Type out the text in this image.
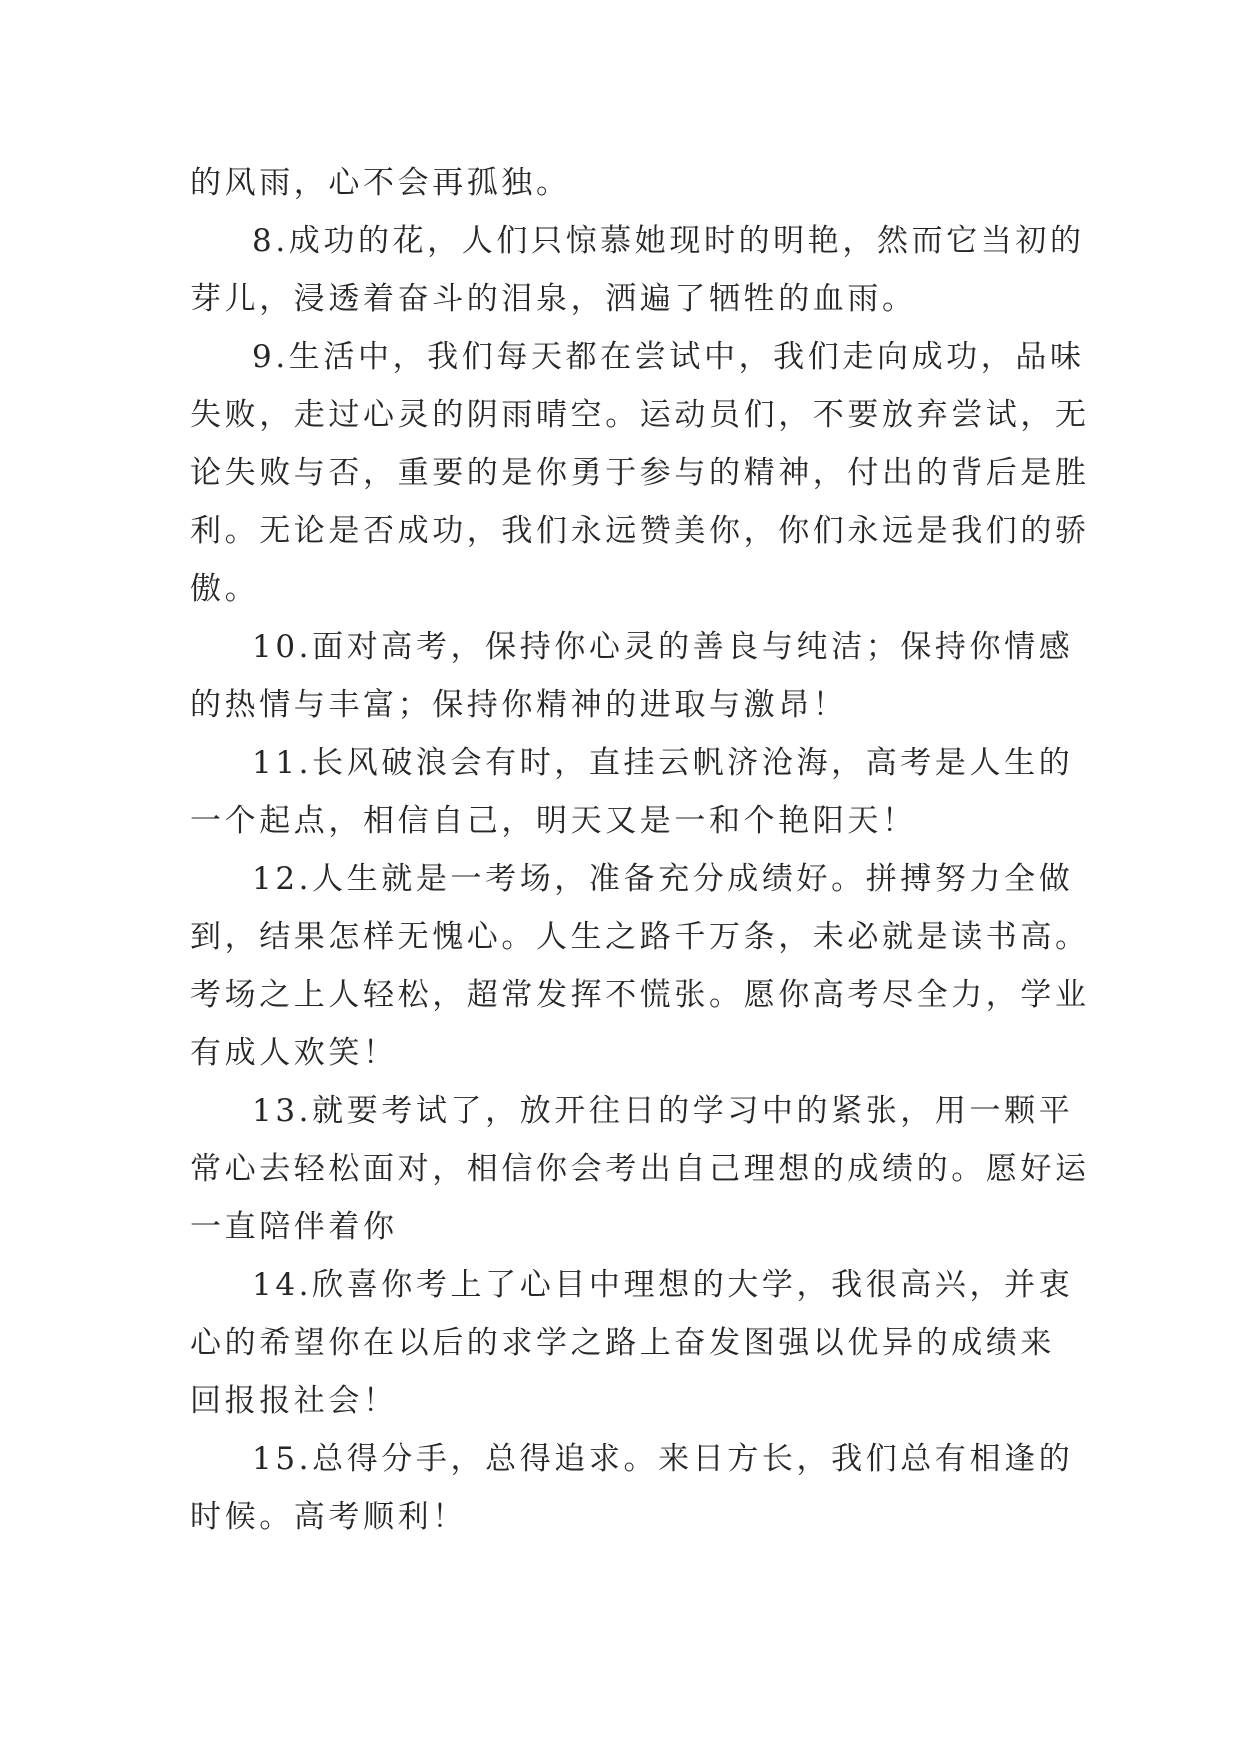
的风雨，心不会再孤独。

8.成功的花，人们只惊慕她现时的明艳，然而它当初的

芽儿，浸透着奋斗的泪泉，洒遍了牺牲的血雨。

9.生活中，我们每天都在尝试中，我们走向成功，品味

失败，走过心灵的阴雨晴空。运动员们，不要放弃尝试，无

论失败与否，重要的是你勇于参与的精神，付出的背后是胜

利。无论是否成功，我们永远赞美你，你们永远是我们的骄

傲。

10.面对高考，保持你心灵的善良与纯洁；保持你情感

的热情与丰富；保持你精神的进取与激昂！

11.长风破浪会有时，直挂云帆济沧海，高考是人生的

一个起点，相信自己，明天又是一和个艳阳天！

12.人生就是一考场，准备充分成绩好。拼搏努力全做

到，结果怎样无愧心。人生之路千万条，未必就是读书高。

考场之上人轻松，超常发挥不慌张。愿你高考尽全力，学业

有成人欢笑！

13.就要考试了，放开往日的学习中的紧张，用一颗平

常心去轻松面对，相信你会考出自己理想的成绩的。愿好运

一直陪伴着你

14.欣喜你考上了心目中理想的大学，我很高兴，并衷

心的希望你在以后的求学之路上奋发图强以优异的成绩来

回报报社会！

15.总得分手，总得追求。来日方长，我们总有相逢的

时候。高考顺利！
